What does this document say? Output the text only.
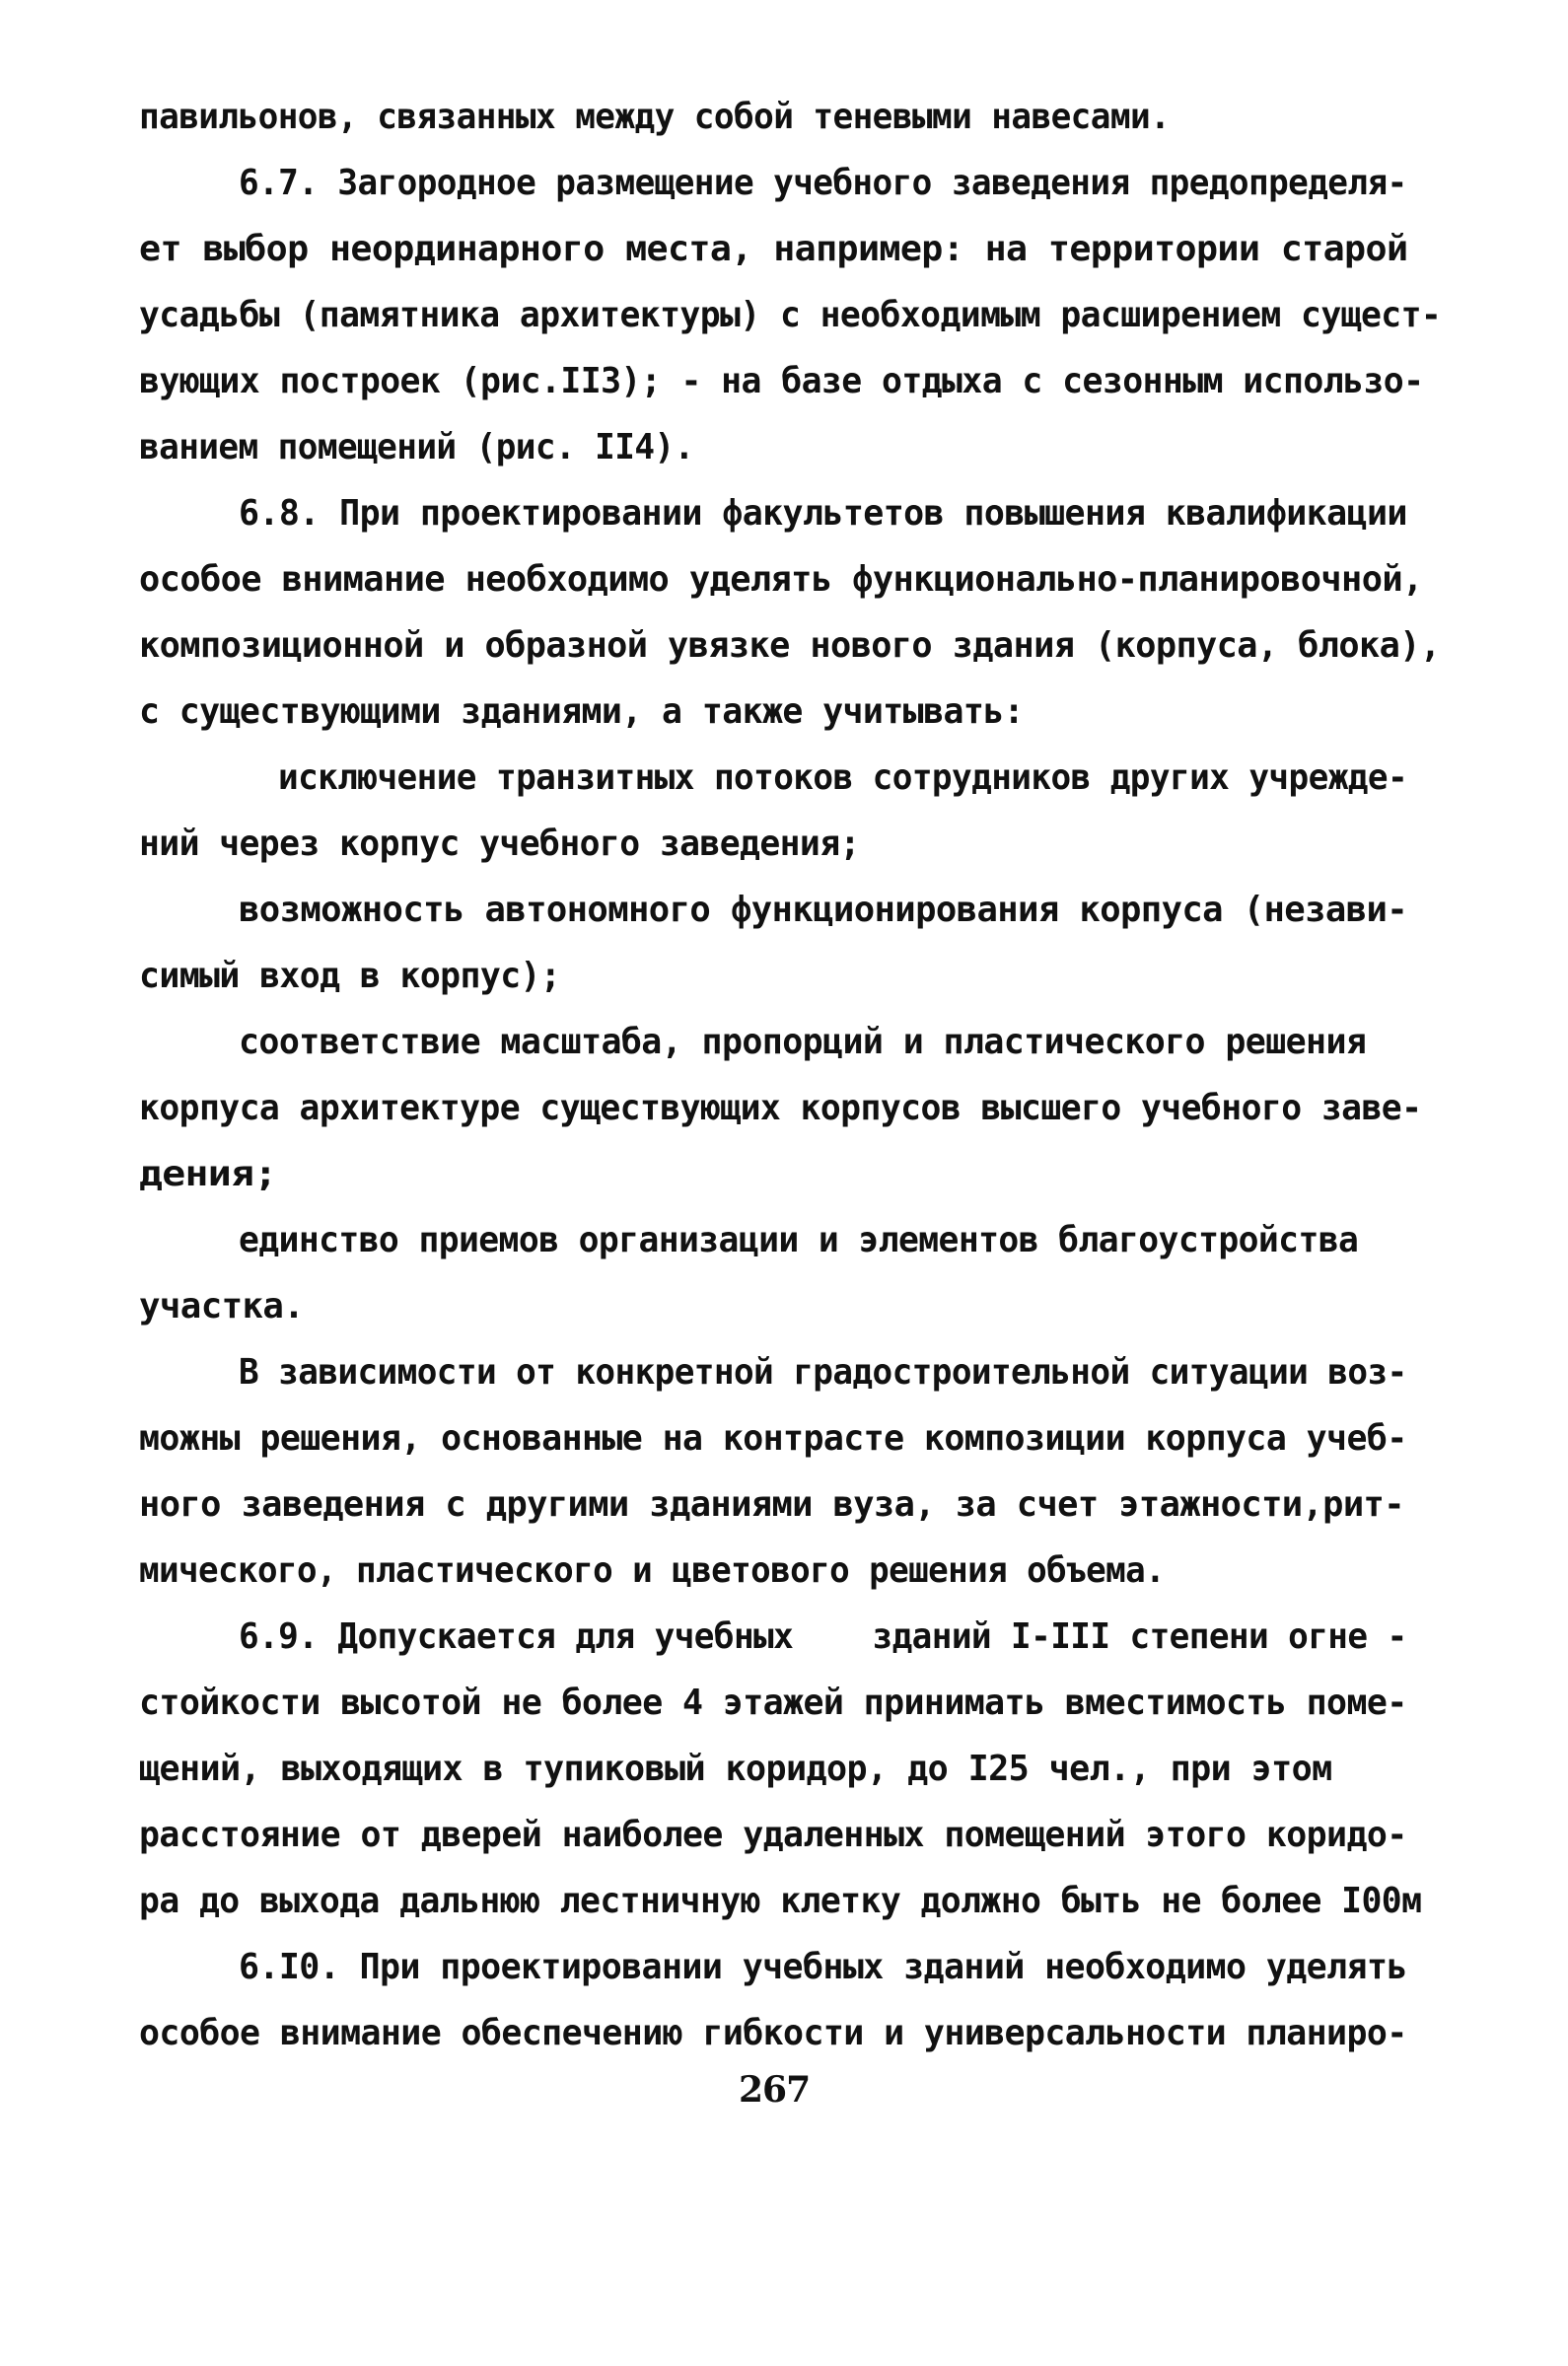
павильонов, связанных между собой теневыми навесами.
6.7. Загородное размещение учебного заведения предопределя-
ет выбор неординарного места, например: на территории старой
усадьбы (памятника архитектуры) с необходимым расширением сущест-
вующих построек (рис.II3); - на базе отдыха с сезонным использо-
ванием помещений (рис. II4).
6.8. При проектировании факультетов повышения квалификации
особое внимание необходимо уделять функционально-планировочной,
композиционной и образной увязке нового здания (корпуса, блока),
с существующими зданиями, а также учитывать:
исключение транзитных потоков сотрудников других учрежде-
ний через корпус учебного заведения;
возможность автономного функционирования корпуса (незави-
симый вход в корпус);
соответствие масштаба, пропорций и пластического решения
корпуса архитектуре существующих корпусов высшего учебного заве-
дения;
единство приемов организации и элементов благоустройства
участка.
В зависимости от конкретной градостроительной ситуации воз-
можны решения, основанные на контрасте композиции корпуса учеб-
ного заведения с другими зданиями вуза, за счет этажности,рит-
мического, пластического и цветового решения объема.
6.9. Допускается для учебных    зданий I-III степени огне -
стойкости высотой не более 4 этажей принимать вместимость поме-
щений, выходящих в тупиковый коридор, до I25 чел., при этом
расстояние от дверей наиболее удаленных помещений этого коридо-
ра до выхода дальнюю лестничную клетку должно быть не более I00м
6.I0. При проектировании учебных зданий необходимо уделять
особое внимание обеспечению гибкости и универсальности планиро-
267
